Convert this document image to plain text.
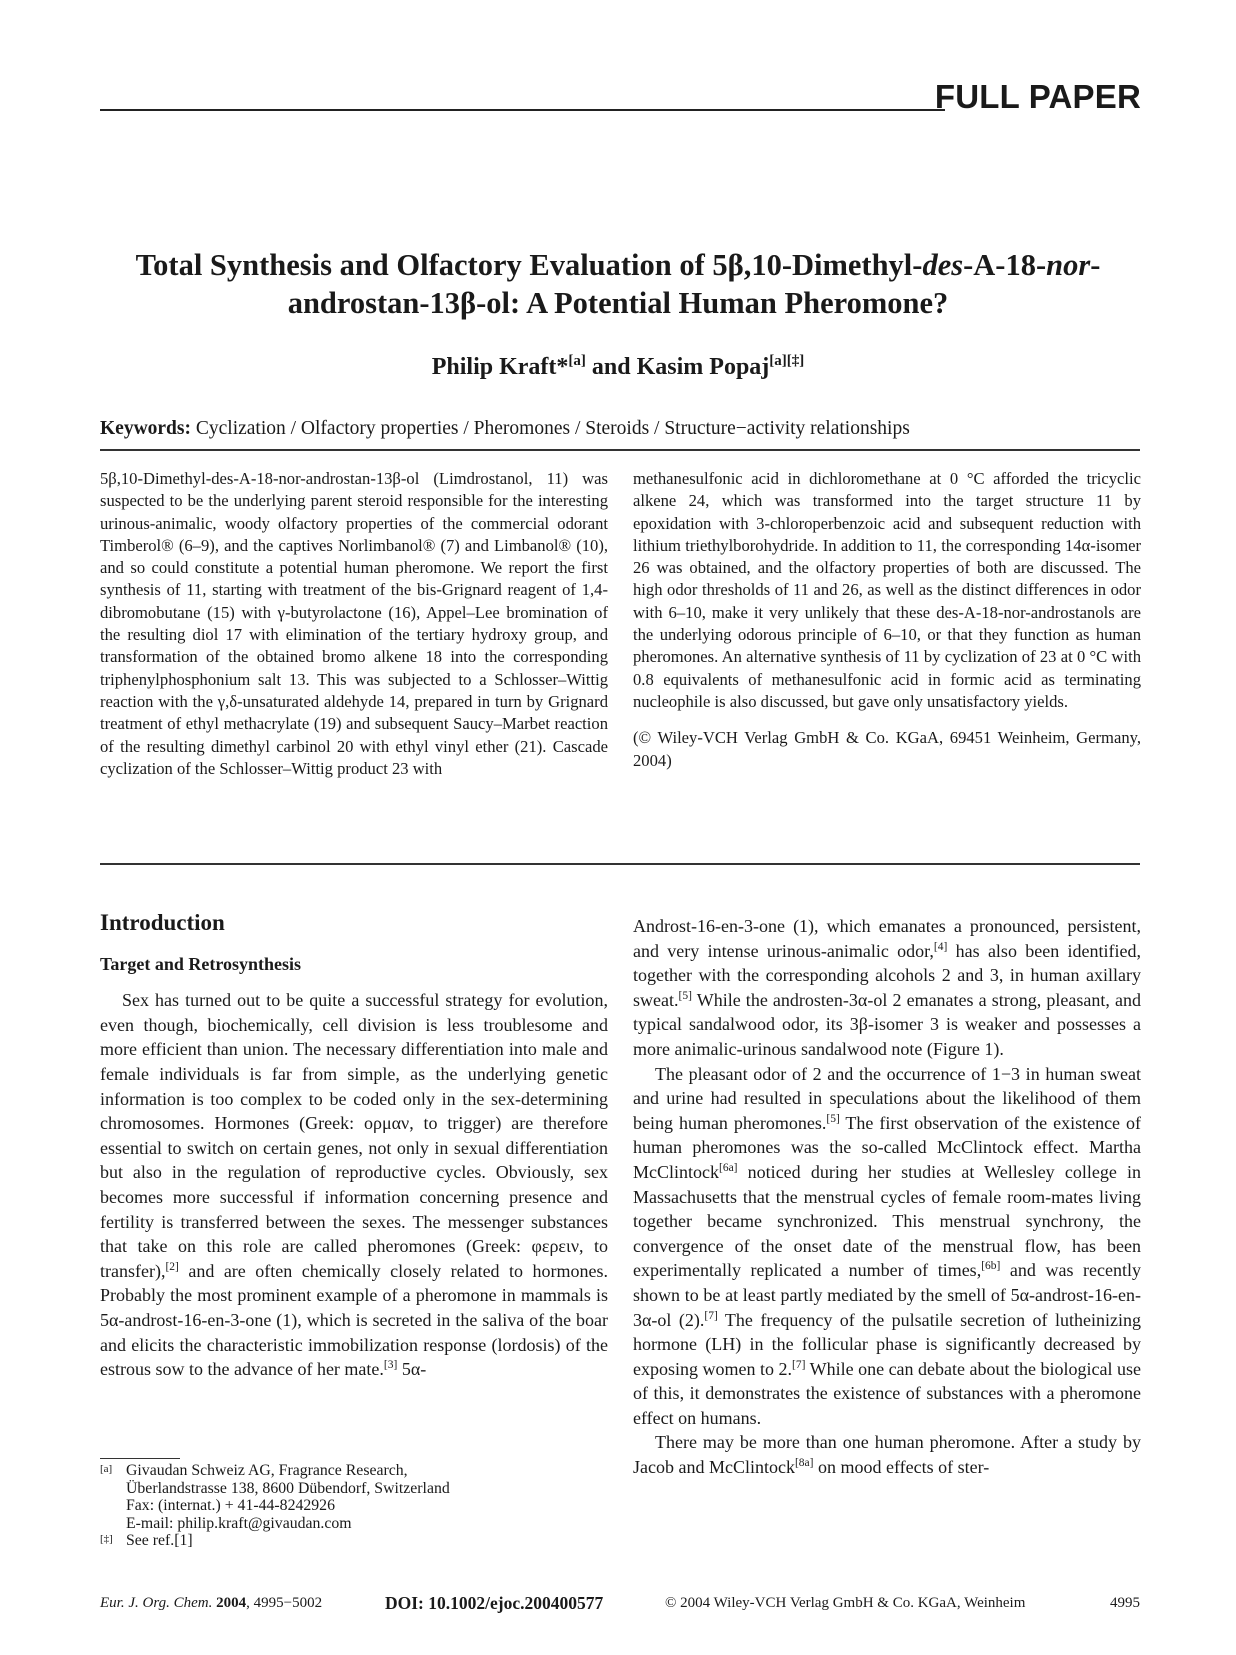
FULL PAPER
Total Synthesis and Olfactory Evaluation of 5β,10-Dimethyl-des-A-18-nor-androstan-13β-ol: A Potential Human Pheromone?
Philip Kraft*[a] and Kasim Popaj[a][‡]
Keywords: Cyclization / Olfactory properties / Pheromones / Steroids / Structure−activity relationships

5β,10-Dimethyl-des-A-18-nor-androstan-13β-ol (Limdrostanol, 11) was suspected to be the underlying parent steroid responsible for the interesting urinous-animalic, woody olfactory properties of the commercial odorant Timberol® (6–9), and the captives Norlimbanol® (7) and Limbanol® (10), and so could constitute a potential human pheromone. We report the first synthesis of 11, starting with treatment of the bis-Grignard reagent of 1,4-dibromobutane (15) with γ-butyrolactone (16), Appel–Lee bromination of the resulting diol 17 with elimination of the tertiary hydroxy group, and transformation of the obtained bromo alkene 18 into the corresponding triphenylphosphonium salt 13. This was subjected to a Schlosser–Wittig reaction with the γ,δ-unsaturated aldehyde 14, prepared in turn by Grignard treatment of ethyl methacrylate (19) and subsequent Saucy–Marbet reaction of the resulting dimethyl carbinol 20 with ethyl vinyl ether (21). Cascade cyclization of the Schlosser–Wittig product 23 with

methanesulfonic acid in dichloromethane at 0 °C afforded the tricyclic alkene 24, which was transformed into the target structure 11 by epoxidation with 3-chloroperbenzoic acid and subsequent reduction with lithium triethylborohydride. In addition to 11, the corresponding 14α-isomer 26 was obtained, and the olfactory properties of both are discussed. The high odor thresholds of 11 and 26, as well as the distinct differences in odor with 6–10, make it very unlikely that these des-A-18-nor-androstanols are the underlying odorous principle of 6–10, or that they function as human pheromones. An alternative synthesis of 11 by cyclization of 23 at 0 °C with 0.8 equivalents of methanesulfonic acid in formic acid as terminating nucleophile is also discussed, but gave only unsatisfactory yields.

(© Wiley-VCH Verlag GmbH & Co. KGaA, 69451 Weinheim, Germany, 2004)

Introduction
Target and Retrosynthesis

Sex has turned out to be quite a successful strategy for evolution, even though, biochemically, cell division is less troublesome and more efficient than union. The necessary differentiation into male and female individuals is far from simple, as the underlying genetic information is too complex to be coded only in the sex-determining chromosomes. Hormones (Greek: ορμαν, to trigger) are therefore essential to switch on certain genes, not only in sexual differentiation but also in the regulation of reproductive cycles. Obviously, sex becomes more successful if information concerning presence and fertility is transferred between the sexes. The messenger substances that take on this role are called pheromones (Greek: φερειν, to transfer),[2] and are often chemically closely related to hormones. Probably the most prominent example of a pheromone in mammals is 5α-androst-16-en-3-one (1), which is secreted in the saliva of the boar and elicits the characteristic immobilization response (lordosis) of the estrous sow to the advance of her mate.[3] 5α-

Androst-16-en-3-one (1), which emanates a pronounced, persistent, and very intense urinous-animalic odor,[4] has also been identified, together with the corresponding alcohols 2 and 3, in human axillary sweat.[5] While the androsten-3α-ol 2 emanates a strong, pleasant, and typical sandalwood odor, its 3β-isomer 3 is weaker and possesses a more animalic-urinous sandalwood note (Figure 1).

The pleasant odor of 2 and the occurrence of 1−3 in human sweat and urine had resulted in speculations about the likelihood of them being human pheromones.[5] The first observation of the existence of human pheromones was the so-called McClintock effect. Martha McClintock[6a] noticed during her studies at Wellesley college in Massachusetts that the menstrual cycles of female room-mates living together became synchronized. This menstrual synchrony, the convergence of the onset date of the menstrual flow, has been experimentally replicated a number of times,[6b] and was recently shown to be at least partly mediated by the smell of 5α-androst-16-en-3α-ol (2).[7] The frequency of the pulsatile secretion of lutheinizing hormone (LH) in the follicular phase is significantly decreased by exposing women to 2.[7] While one can debate about the biological use of this, it demonstrates the existence of substances with a pheromone effect on humans.

There may be more than one human pheromone. After a study by Jacob and McClintock[8a] on mood effects of ster-

[a] Givaudan Schweiz AG, Fragrance Research,
Überlandstrasse 138, 8600 Dübendorf, Switzerland
Fax: (internat.) + 41-44-8242926
E-mail: philip.kraft@givaudan.com
[‡] See ref.[1]
Eur. J. Org. Chem. 2004, 4995−5002	DOI: 10.1002/ejoc.200400577	© 2004 Wiley-VCH Verlag GmbH & Co. KGaA, Weinheim	4995
